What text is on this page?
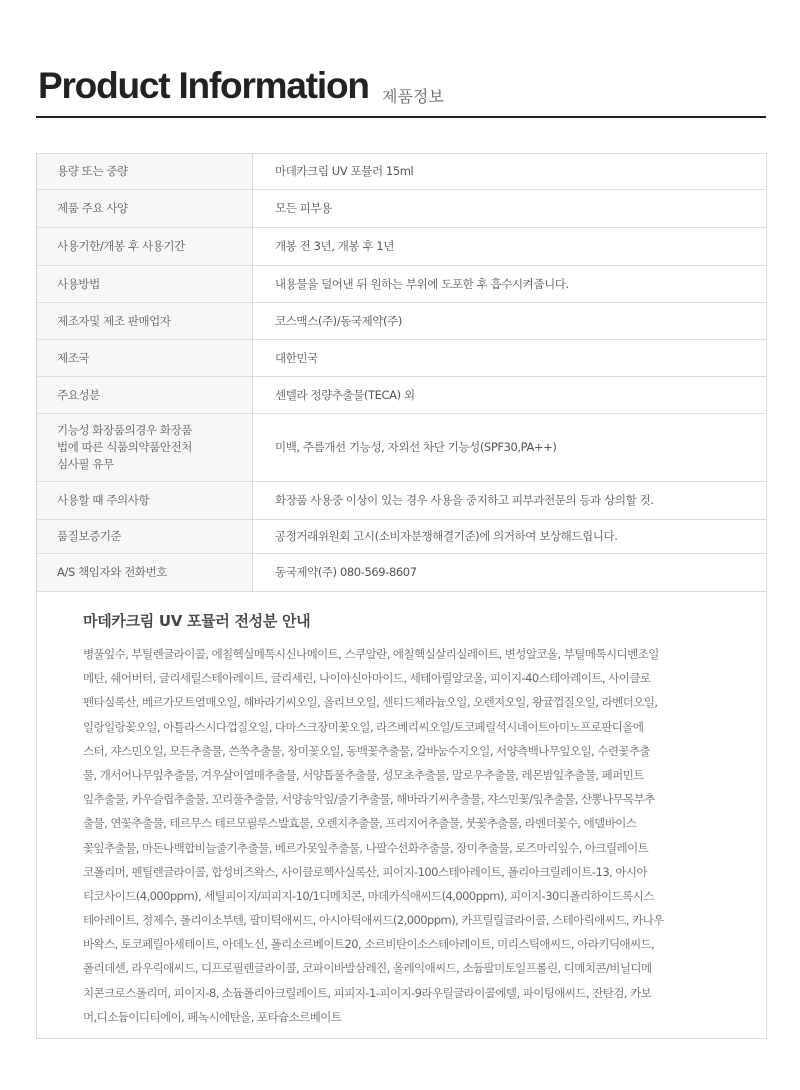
Product Information 제품정보
용량 또는 중량	마데카크림 UV 포뮬러 15ml
제품 주요 사양	모든 피부용
사용기한/개봉 후 사용기간	개봉 전 3년, 개봉 후 1년
사용방법	내용물을 덜어낸 뒤 원하는 부위에 도포한 후 흡수시켜줍니다.
제조자및 제조 판매업자	코스맥스(주)/동국제약(주)
제조국	대한민국
주요성분	센텔라 정량추출물(TECA) 외

기능성 화장품의경우 화장품
법에 따른 식품의약품안전처
심사필 유무	미백, 주름개선 기능성, 자외선 차단 기능성(SPF30,PA++)
사용할 때 주의사항	화장품 사용중 이상이 있는 경우 사용을 중지하고 피부과전문의 등과 상의할 것.
품질보증기준	공정거래위원회 고시(소비자분쟁해결기준)에 의거하여 보상해드립니다.
A/S 책임자와 전화번호	동국제약(주) 080-569-8607
마데카크림 UV 포뮬러 전성분 안내
병풀잎수, 부틸렌글라이콜, 에칠헥실메톡시신나메이트, 스쿠알란, 에칠헥실살리실레이트, 변성알코올, 부틸메톡시디벤조일
메탄, 쉐어버터, 글리세릴스테아레이트, 글리세린, 나이아신아마이드, 세테아릴알코올, 피이지-40스테아레이트, 사이클로
펜타실록산, 베르가모트열매오일, 해바라기씨오일, 올리브오일, 센티드제라늄오일, 오렌지오일, 왕귤껍질오일, 라벤더오일,
일랑일랑꽃오일, 아틀라스시다껍질오일, 다마스크장미꽃오일, 라즈베리씨오일/토코페릴석시네이트아미노프로판디올에
스터, 쟈스민오일, 모든추출물, 쓴쑥추출물, 장미꽃오일, 동백꽃추출물, 갈바눔수지오일, 서양측백나무잎오일, 수련꽃추출
물, 개서어나무잎추출물, 겨우살이열매추출물, 서양톱풀추출물, 성모초추출물, 말로우추출물, 레몬밤잎추출물, 페퍼민트
잎추출물, 카우슬립추출물, 꼬리풀추출물, 서양송악잎/줄기추출물, 해바라기씨추출물, 쟈스민꽃/잎추출물, 산뽕나무목부추
출물, 연꽃추출물, 테르무스 테르모필루스발효물, 오렌지추출물, 프리지어추출물, 붓꽃추출물, 라벤더꽃수, 에델바이스
꽃잎추출물, 마돈나백합비늘줄기추출물, 베르가못잎추출물, 나팔수선화추출물, 장미추출물, 로즈마리잎수, 아크릴레이트
코폴리머, 펜틸렌글라이콜, 합성비즈왁스, 사이클로헥사실록산, 피이지-100스테아레이트, 폴리아크릴레이트-13, 아시아
티코사이드(4,000ppm), 세틸피이지/피피지-10/1디메치콘, 마데카식애씨드(4,000ppm), 피이지-30디폴리하이드록시스
테아레이트, 정제수, 폴리이소부텐, 팔미틱애씨드, 아시아틱애씨드(2,000ppm), 카프릴릴글라이콜, 스테아릭애씨드, 카나우
바왁스, 토코페릴아세테이트, 아데노신, 폴리소르베이트20, 소르비탄이소스테아레이트, 미리스틱애씨드, 아라키딕애씨드,
폴리데센, 라우릭애씨드, 디프로필렌글라이콜, 코파이바발삼레진, 올레익애씨드, 소듐팔미토일프롤린, 디메치콘/비닐디메
치콘크로스폴리머, 피이지-8, 소듐폴리아크릴레이트, 피피지-1-피이지-9라우릴글라이콜에텔, 파이팅애씨드, 잔탄검, 카보
머,디소듐이디티에이, 페녹시에탄올, 포타슘소르베이트
